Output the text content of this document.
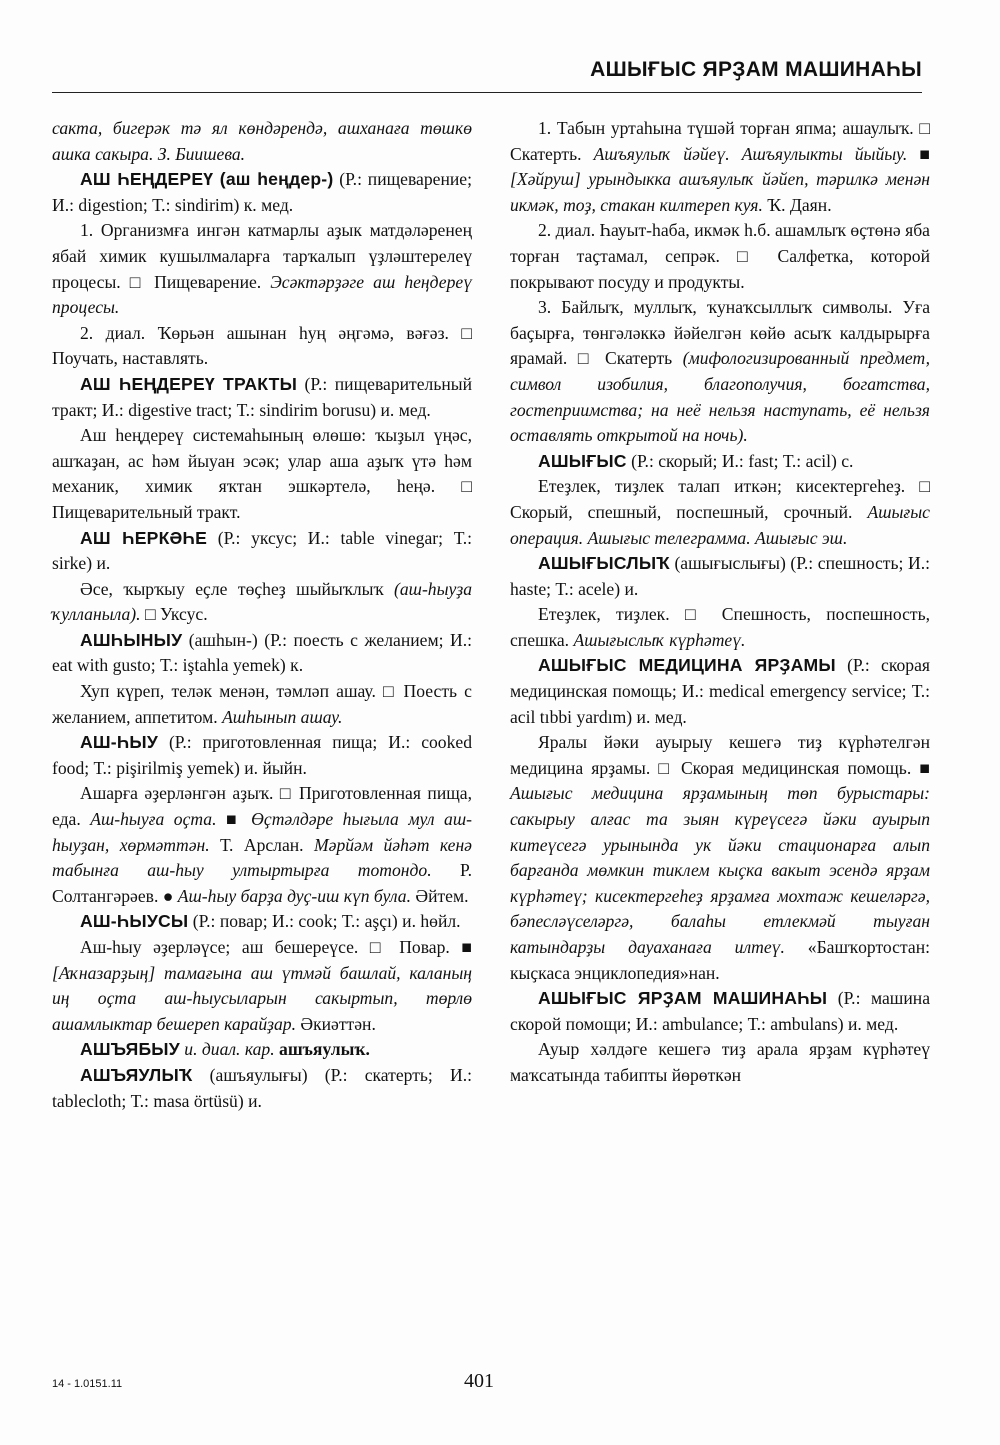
АШЫҒЫС ЯРҘАМ МАШИНАҺЫ

сакта, бигерәк тә ял көндәрендә, ашханаға төшкө ашка сакыра. З. Биишева.

АШ ҺЕҢДЕРЕҮ (аш һеңдер-) (Р.: пищеварение; И.: digestion; Т.: sindirim) к. мед.

1. Организмға ингән катмарлы аҙык матдәләренең ябай химик кушылмаларға тарҡалып үҙләштерелеү процесы. □ Пищеварение. Эсәктәрҙәге аш һеңдереү процесы.

2. диал. Ҡөрьән ашынан һуң әңгәмә, вәғәз. □ Поучать, наставлять.

АШ ҺЕҢДЕРЕҮ ТРАКТЫ (Р.: пищеварительный тракт; И.: digestive tract; Т.: sindirim borusu) и. мед.

Аш һеңдереү системаһының өлөшө: ҡыҙыл үңәс, ашҡаҙан, ас һәм йыуан эсәк; улар аша аҙыҡ үтә һәм механик, химик яҡтан эшкәртелә, һеңә. □ Пищеварительный тракт.

АШ ҺЕРКӘҺЕ (Р.: уксус; И.: table vinegar; Т.: sirke) и.

Әсе, ҡырҡыу еҫле төҫһеҙ шыйыҡлыҡ (аш-һыуҙа ҡулланыла). □ Уксус.

АШҺЫНЫУ (ашһын-) (Р.: поесть с желанием; И.: eat with gusto; Т.: iştahla yemek) к.

Хуп күреп, теләк менән, тәмләп ашау. □ Поесть с желанием, аппетитом. Ашһынып ашау.

АШ-ҺЫУ (Р.: приготовленная пища; И.: cooked food; Т.: pişirilmiş yemek) и. йыйн.

Ашарға әҙерләнгән аҙыҡ. □ Приготовленная пища, еда. Аш-һыуға оҫта. ■ Өҫтәлдәре һығыла мул аш-һыуҙан, хөрмәттән. Т. Арслан. Мәрйәм йәһәт кенә табынға аш-һыу ултыртырға тотондо. Р. Солтангәрәев. ● Аш-һыу барҙа дуҫ-иш күп була. Әйтем.

АШ-ҺЫУСЫ (Р.: повар; И.: cook; Т.: aşçı) и. һөйл.

Аш-һыу әҙерләүсе; аш бешереүсе. □ Повар. ■ [Аҡназарҙың] тамағына аш үтмәй башлай, каланың иң оҫта аш-һыусыларын сакыртып, төрлө ашамлыктар бешереп карайҙар. Әкиәттән.

АШЪЯБЫУ и. диал. кар. ашъяулыҡ.

АШЪЯУЛЫҠ (ашъяулығы) (Р.: скатерть; И.: tablecloth; Т.: masa örtüsü) и.

1. Табын уртаһына түшәй торған япма; ашаулыҡ. □ Скатерть. Ашъяулыҡ йәйеү. Ашъяулыкты йыйыу. ■ [Хәйруш] урындыкка ашъяулыҡ йәйеп, тәрилкә менән икмәк, тоҙ, стакан килтереп куя. Ҡ. Даян.

2. диал. Һауыт-һаба, икмәк һ.б. ашамлыҡ өҫтөнә яба торған таҫтамал, сепрәк. □ Салфетка, которой покрывают посуду и продукты.

3. Байлыҡ, муллыҡ, ҡунаҡсыллыҡ символы. Уға баҫырға, төнгәләккә йәйелгән көйө асыҡ калдырырға ярамай. □ Скатерть (мифологизированный предмет, символ изобилия, благополучия, богатства, гостеприимства; на неё нельзя наступать, её нельзя оставлять открытой на ночь).

АШЫҒЫС (Р.: скорый; И.: fast; Т.: acil) с.

Етеҙлек, тиҙлек талап иткән; кисектергеһеҙ. □ Скорый, спешный, поспешный, срочный. Ашығыс операция. Ашығыс телеграмма. Ашығыс эш.

АШЫҒЫСЛЫҠ (ашығыслығы) (Р.: спешность; И.: haste; Т.: acele) и.

Етеҙлек, тиҙлек. □ Спешность, поспешность, спешка. Ашығыслыҡ күрһәтеү.

АШЫҒЫС МЕДИЦИНА ЯРҘАМЫ (Р.: скорая медицинская помощь; И.: medical emergency service; Т.: acil tıbbi yardım) и. мед.

Яралы йәки ауырыу кешегә тиҙ күрһәтелгән медицина ярҙамы. □ Скорая медицинская помощь. ■ Ашығыс медицина ярҙамының төп бурыстары: сакырыу алғас та зыян күреүсегә йәки ауырып китеүсегә урынында ук йәки стационарға алып барғанда мөмкин тиклем кыҫка вакыт эсендә ярҙам күрһәтеү; кисектергеһеҙ ярҙамға мохтаж кешеләргә, бәпесләүселәргә, балаһы етлекмәй тыуған катындарҙы дауаханаға илтеү. «Башҡортостан: кыҫкаса энциклопедия»нан.

АШЫҒЫС ЯРҘАМ МАШИНАҺЫ (Р.: машина скорой помощи; И.: ambulance; Т.: ambulans) и. мед.

Ауыр хәлдәге кешегә тиҙ арала ярҙам күрһәтеү маҡсатында табипты йөрөткән

14 - 1.0151.11	401
